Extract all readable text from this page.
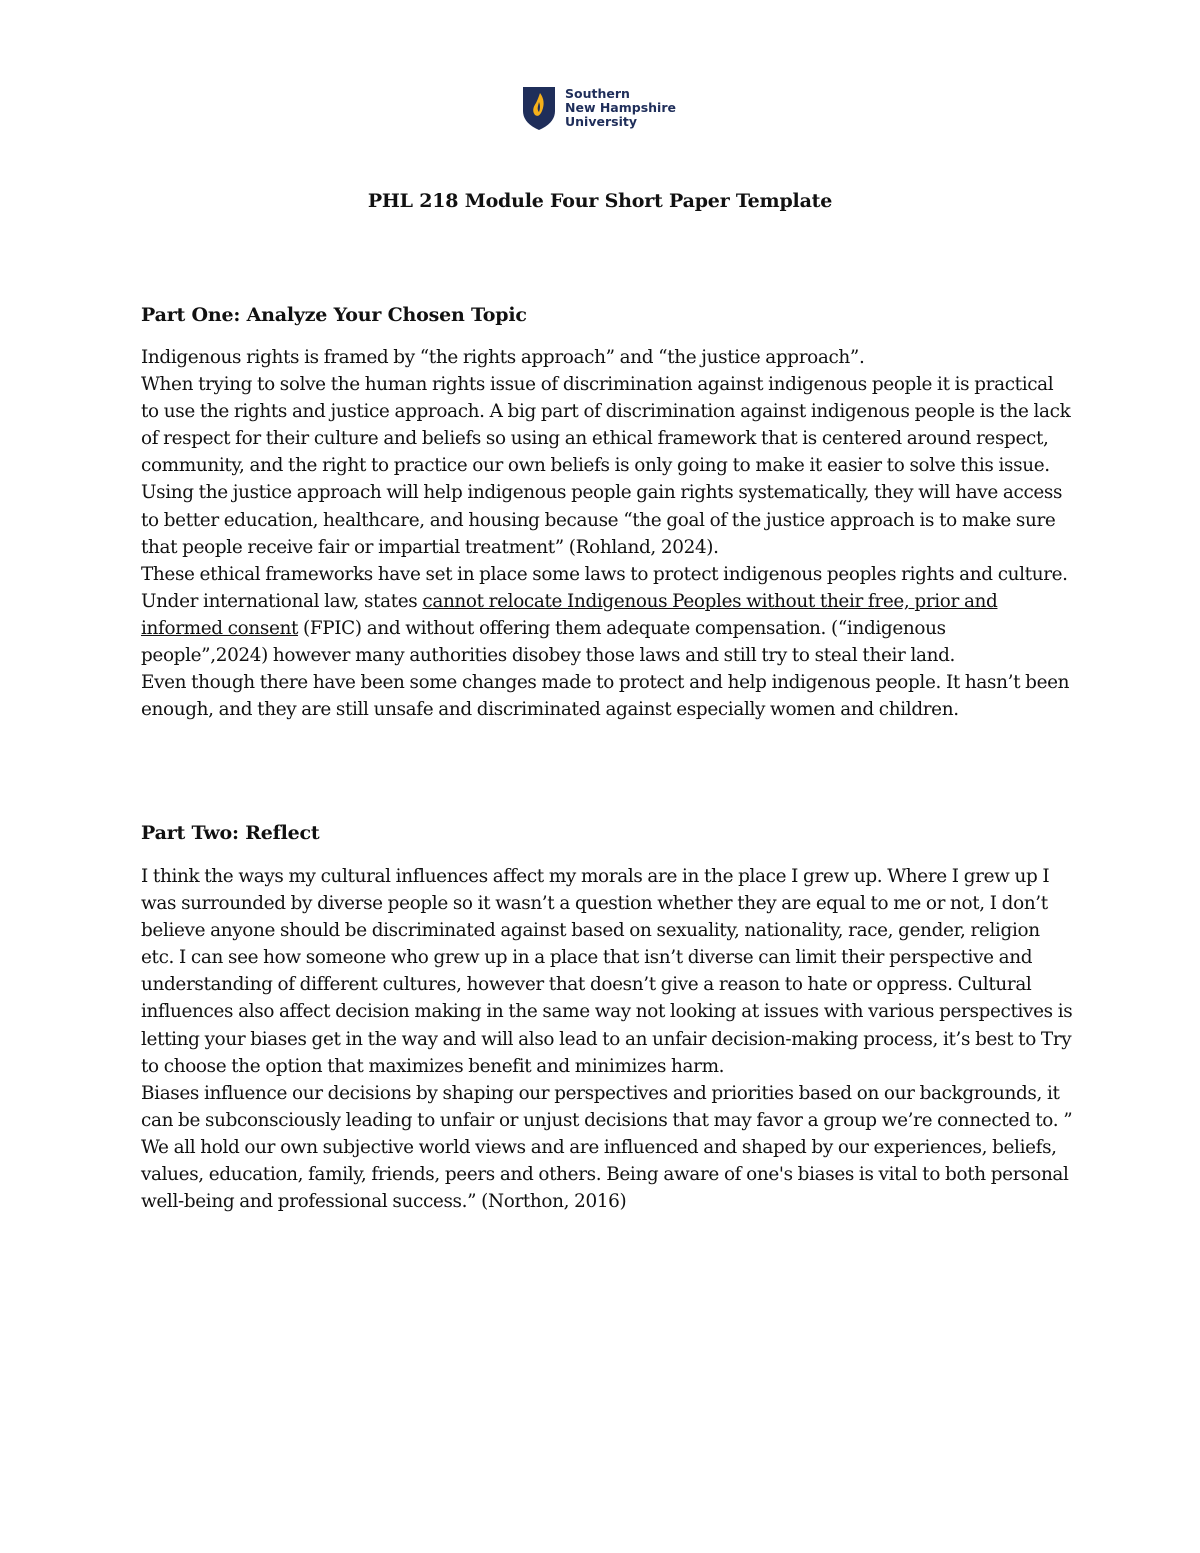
Southern
New Hampshire
University
PHL 218 Module Four Short Paper Template
Part One: Analyze Your Chosen Topic

Indigenous rights is framed by “the rights approach” and “the justice approach”.

When trying to solve the human rights issue of discrimination against indigenous people it is practical to use the rights and justice approach. A big part of discrimination against indigenous people is the lack of respect for their culture and beliefs so using an ethical framework that is centered around respect, community, and the right to practice our own beliefs is only going to make it easier to solve this issue. Using the justice approach will help indigenous people gain rights systematically, they will have access to better education, healthcare, and housing because “the goal of the justice approach is to make sure that people receive fair or impartial treatment” (Rohland, 2024).

These ethical frameworks have set in place some laws to protect indigenous peoples rights and culture. Under international law, states cannot relocate Indigenous Peoples without their free, prior and informed consent (FPIC) and without offering them adequate compensation. (“indigenous people”,2024) however many authorities disobey those laws and still try to steal their land.

Even though there have been some changes made to protect and help indigenous people. It hasn’t been enough, and they are still unsafe and discriminated against especially women and children.

Part Two: Reflect

I think the ways my cultural influences affect my morals are in the place I grew up. Where I grew up I was surrounded by diverse people so it wasn’t a question whether they are equal to me or not, I don’t believe anyone should be discriminated against based on sexuality, nationality, race, gender, religion etc. I can see how someone who grew up in a place that isn’t diverse can limit their perspective and understanding of different cultures, however that doesn’t give a reason to hate or oppress. Cultural influences also affect decision making in the same way not looking at issues with various perspectives is letting your biases get in the way and will also lead to an unfair decision-making process, it’s best to Try to choose the option that maximizes benefit and minimizes harm.

Biases influence our decisions by shaping our perspectives and priorities based on our backgrounds, it can be subconsciously leading to unfair or unjust decisions that may favor a group we’re connected to. ” We all hold our own subjective world views and are influenced and shaped by our experiences, beliefs, values, education, family, friends, peers and others. Being aware of one's biases is vital to both personal well-being and professional success.” (Northon, 2016)
